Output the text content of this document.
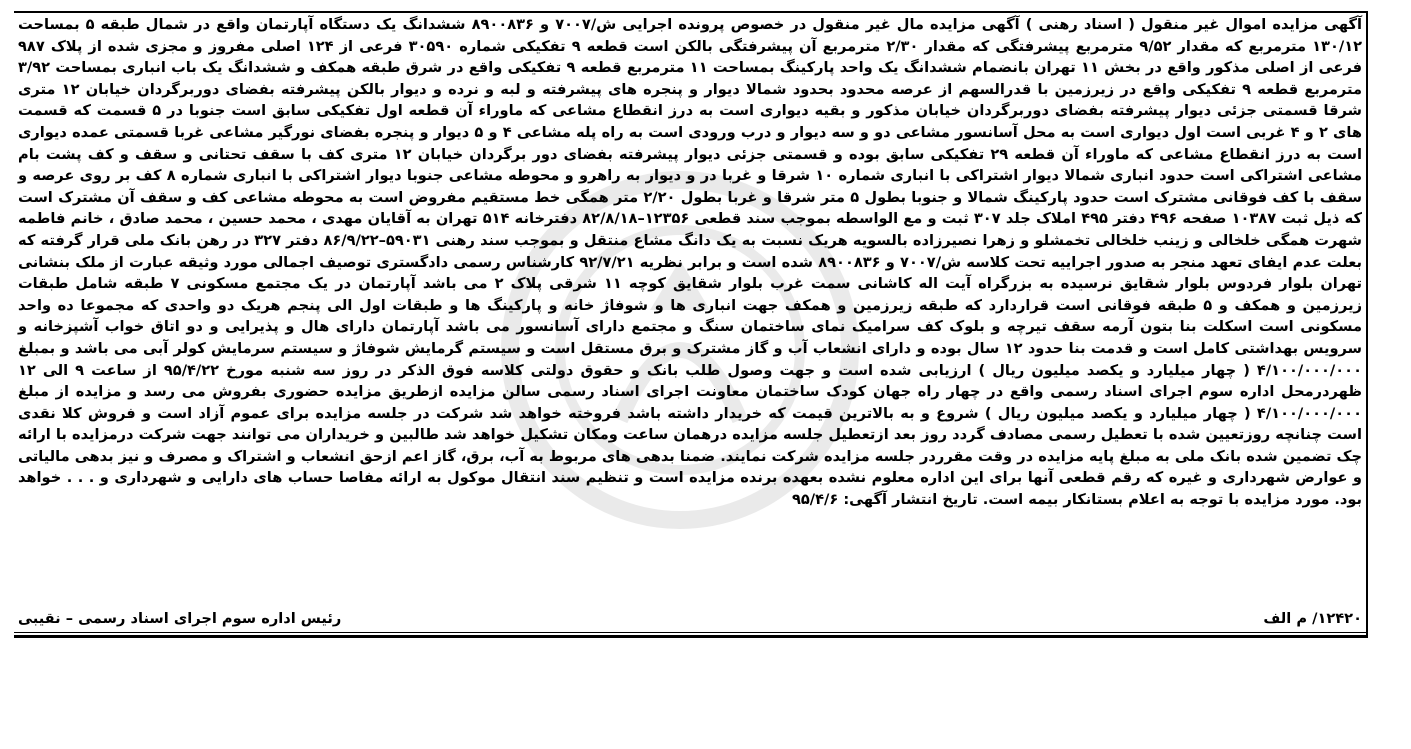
آگهی مزایده اموال غیر منقول ( اسناد رهنی ) آگهی مزایده مال غیر منقول در خصوص پرونده اجرایی ش/۷۰۰۷ و ۸۹۰۰۸۳۶ ششدانگ یک دستگاه آپارتمان واقع در شمال طبقه ۵ بمساحت ۱۳۰/۱۲ مترمربع که مقدار ۹/۵۲ مترمربع پیشرفتگی که مقدار ۲/۳۰ مترمربع آن پیشرفتگی بالکن است قطعه ۹ تفکیکی شماره ۳۰۵۹۰ فرعی از ۱۲۴ اصلی مفروز و مجزی شده از پلاک ۹۸۷ فرعی از اصلی مذکور واقع در بخش ۱۱ تهران بانضمام ششدانگ یک واحد پارکینگ بمساحت ۱۱ مترمربع قطعه ۹ تفکیکی واقع در شرق طبقه همکف و ششدانگ یک باب انباری بمساحت ۳/۹۲ مترمربع قطعه ۹ تفکیکی واقع در زیرزمین با قدرالسهم از عرصه محدود بحدود شمالا دیوار و پنجره های پیشرفته و لبه و نرده و دیوار بالکن پیشرفته بفضای دوربرگردان خیابان ۱۲ متری شرقا قسمتی جزئی دیوار پیشرفته بفضای دوربرگردان خیابان مذکور و بقیه دیواری است به درز انقطاع مشاعی که ماوراء آن قطعه اول تفکیکی سابق است جنوبا در ۵ قسمت که قسمت های ۲ و ۴ غربی است اول دیواری است به محل آسانسور مشاعی دو و سه دیوار و درب ورودی است به راه پله مشاعی ۴ و ۵ دیوار و پنجره بفضای نورگیر مشاعی غربا قسمتی عمده دیواری است به درز انقطاع مشاعی که ماوراء آن قطعه ۲۹ تفکیکی سابق بوده و قسمتی جزئی دیوار پیشرفته بفضای دور برگردان خیابان ۱۲ متری کف با سقف تحتانی و سقف و کف پشت بام مشاعی اشتراکی است حدود انباری شمالا دیوار اشتراکی با انباری شماره ۱۰ شرقا و غربا در و دیوار به راهرو و محوطه مشاعی جنوبا دیوار اشتراکی با انباری شماره ۸ کف بر روی عرصه و سقف با کف فوقانی مشترک است حدود پارکینگ شمالا و جنوبا بطول ۵ متر شرقا و غربا بطول ۲/۲۰ متر همگی خط مستقیم مفروض است به محوطه مشاعی کف و سقف آن مشترک است که ذیل ثبت ۱۰۳۸۷ صفحه ۴۹۶ دفتر ۴۹۵ املاک جلد ۳۰۷ ثبت و مع الواسطه بموجب سند قطعی ۱۲۳۵۶–۸۲/۸/۱۸ دفترخانه ۵۱۴ تهران به آقایان مهدی ، محمد حسین ، محمد صادق ، خانم فاطمه شهرت همگی خلخالی و زینب خلخالی تخمشلو و زهرا نصیرزاده بالسویه هریک نسبت به یک دانگ مشاع منتقل و بموجب سند رهنی ۵۹۰۳۱–۸۶/۹/۲۲ دفتر ۳۲۷ در رهن بانک ملی قرار گرفته که بعلت عدم ایفای تعهد منجر به صدور اجراییه تحت کلاسه ش/۷۰۰۷ و ۸۹۰۰۸۳۶ شده است و برابر نظریه ۹۲/۷/۲۱ کارشناس رسمی دادگستری توصیف اجمالی مورد وثیقه عبارت از ملک بنشانی تهران بلوار فردوس بلوار شقایق نرسیده به بزرگراه آیت اله کاشانی سمت غرب بلوار شقایق کوچه ۱۱ شرقی پلاک ۲ می باشد آپارتمان در یک مجتمع مسکونی ۷ طبقه شامل طبقات زیرزمین و همکف و ۵ طبقه فوقانی است قراردارد که طبقه زیرزمین و همکف جهت انباری ها و شوفاژ خانه و پارکینگ ها و طبقات اول الی پنجم هریک دو واحدی که مجموعا ده واحد مسکونی است اسکلت بنا بتون آرمه سقف تیرچه و بلوک کف سرامیک نمای ساختمان سنگ و مجتمع دارای آسانسور می باشد آپارتمان دارای هال و پذیرایی و دو اتاق خواب آشپزخانه و سرویس بهداشتی کامل است و قدمت بنا حدود ۱۲ سال بوده و دارای انشعاب آب و گاز مشترک و برق مستقل است و سیستم گرمایش شوفاژ و سیستم سرمایش کولر آبی می باشد و بمبلغ ۴/۱۰۰/۰۰۰/۰۰۰ ( چهار میلیارد و یکصد میلیون ریال ) ارزیابی شده است و جهت وصول طلب بانک و حقوق دولتی کلاسه فوق الذکر در روز سه شنبه مورخ ۹۵/۴/۲۲ از ساعت ۹ الی ۱۲ ظهردرمحل اداره سوم اجرای اسناد رسمی واقع در چهار راه جهان کودک ساختمان معاونت اجرای اسناد رسمی سالن مزایده ازطریق مزایده حضوری بفروش می رسد و مزایده از مبلغ ۴/۱۰۰/۰۰۰/۰۰۰ ( چهار میلیارد و یکصد میلیون ریال ) شروع و به بالاترین قیمت که خریدار داشته باشد فروخته خواهد شد شرکت در جلسه مزایده برای عموم آزاد است و فروش کلا نقدی است چنانچه روزتعیین شده با تعطیل رسمی مصادف گردد روز بعد ازتعطیل جلسه مزایده درهمان ساعت ومکان تشکیل خواهد شد طالبین و خریداران می توانند جهت شرکت درمزایده با ارائه چک تضمین شده بانک ملی به مبلغ پایه مزایده در وقت مقرردر جلسه مزایده شرکت نمایند. ضمنا بدهی های مربوط به آب، برق، گاز اعم ازحق انشعاب و اشتراک و مصرف و نیز بدهی مالیاتی و عوارض شهرداری و غیره که رقم قطعی آنها برای این اداره معلوم نشده بعهده برنده مزایده است و تنظیم سند انتقال موکول به ارائه مفاصا حساب های دارایی و شهرداری و . . . خواهد بود. مورد مزایده با توجه به اعلام بستانکار بیمه است. تاریخ انتشار آگهی: ۹۵/۴/۶

۱۲۴۲۰/ م الف
رئیس اداره سوم اجرای اسناد رسمی – نقیبی
